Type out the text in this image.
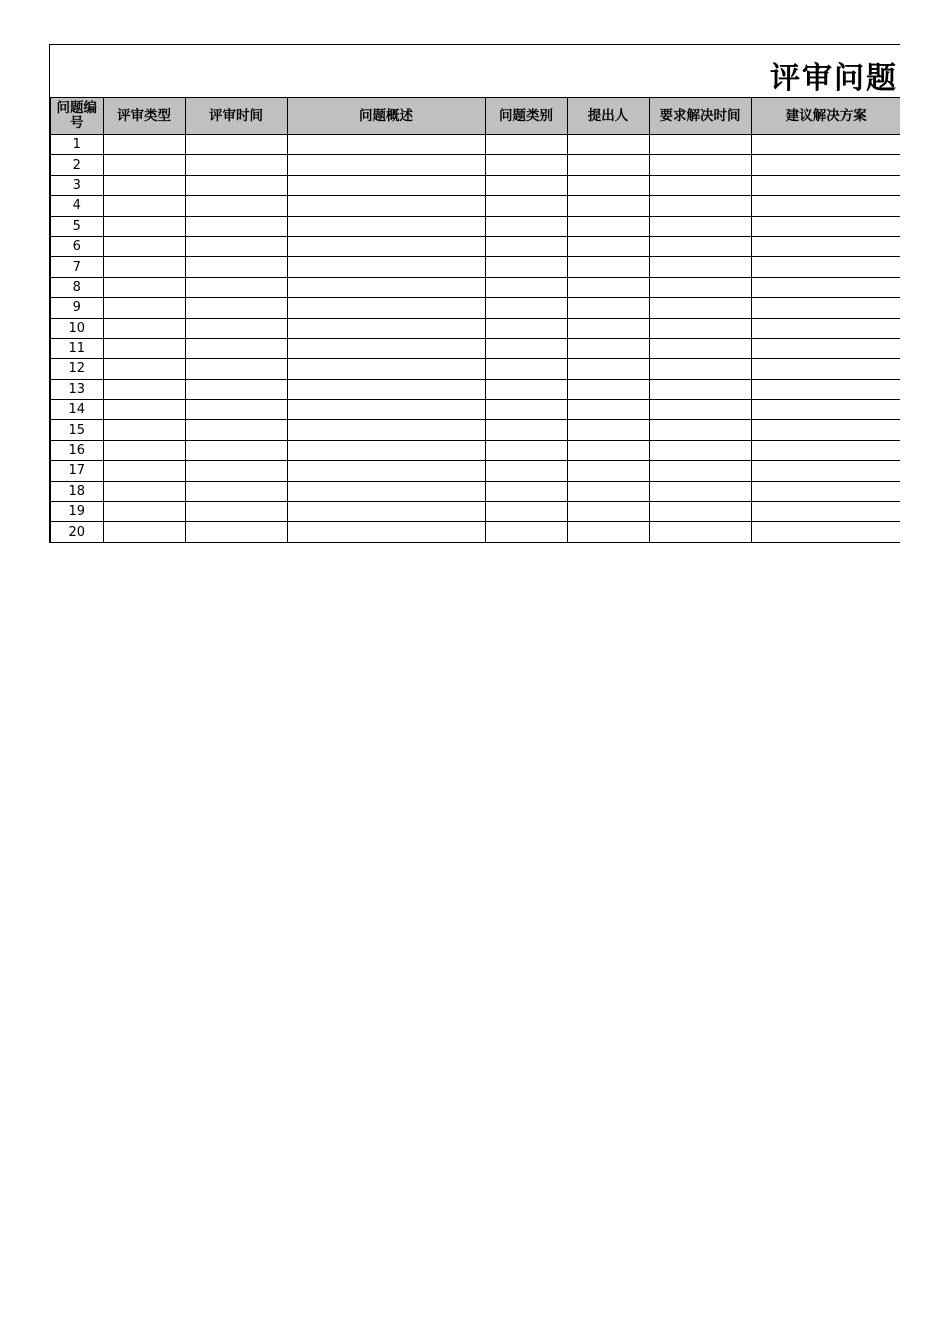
评审问题
问题编号	评审类型	评审时间	问题概述	问题类别	提出人	要求解决时间	建议解决方案
1							
2							
3							
4							
5							
6							
7							
8							
9							
10							
11							
12							
13							
14							
15							
16							
17							
18							
19							
20							
